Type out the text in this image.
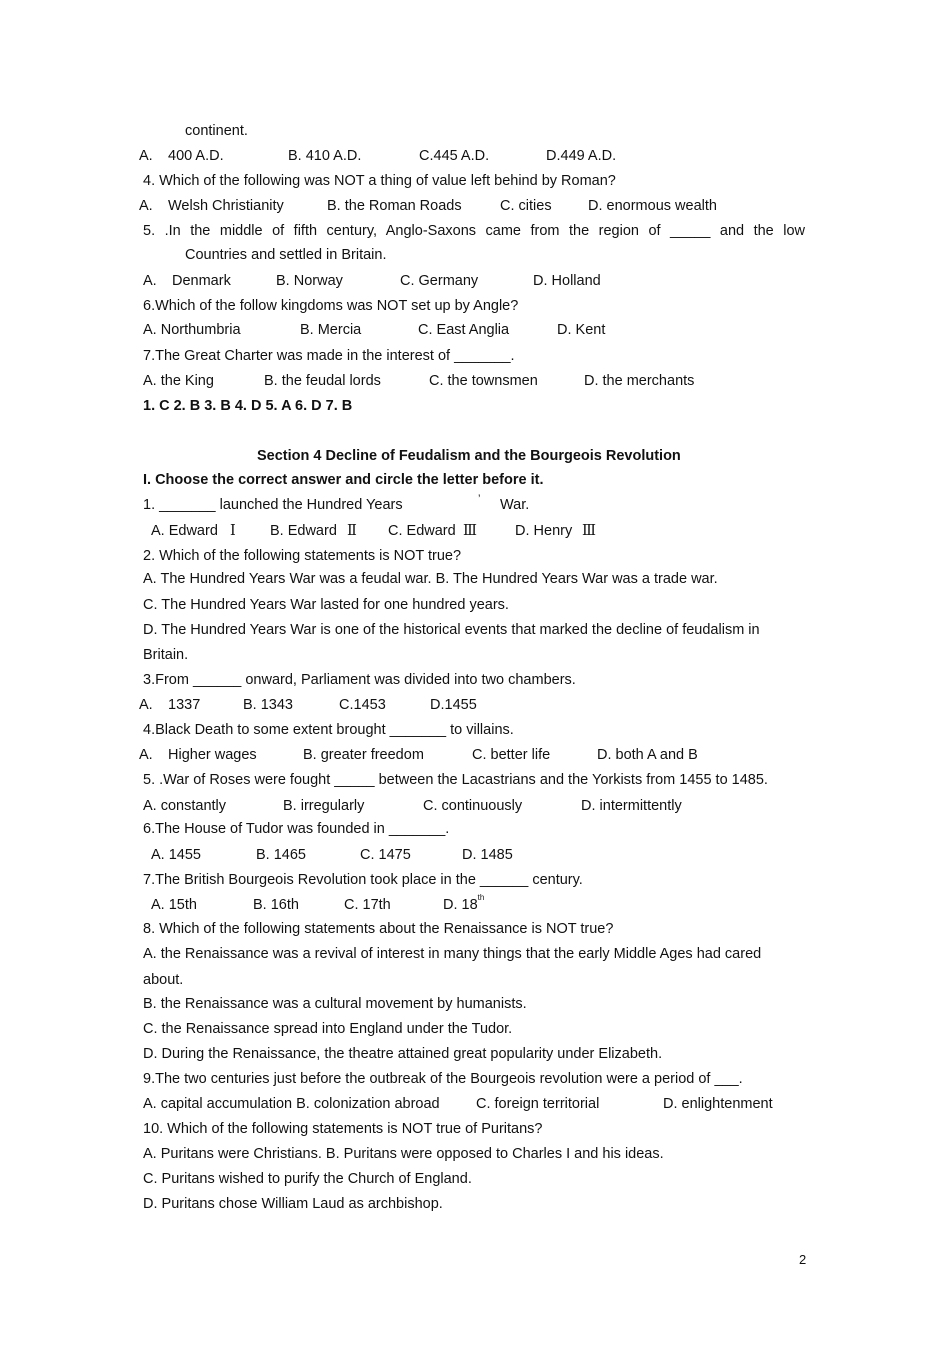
continent.
A. 400 A.D.	B. 410 A.D.	C.445 A.D.	D.449 A.D.
4. Which of the following was NOT a thing of value left behind by Roman?
A. Welsh Christianity	B. the Roman Roads	C. cities	D. enormous wealth
5. .In the middle of fifth century, Anglo-Saxons came from the region of _____ and the low
Countries and settled in Britain.
A. Denmark	B. Norway	C. Germany	D. Holland
6.Which of the follow kingdoms was NOT set up by Angle?
A. Northumbria	B. Mercia	C. East Anglia	D. Kent
7.The Great Charter was made in the interest of _______.
A. the King	B. the feudal lords	C. the townsmen	D. the merchants
1. C 2. B 3. B 4. D 5. A 6. D 7. B
Section 4 Decline of Feudalism and the Bourgeois Revolution
I. Choose the correct answer and circle the letter before it.
1. _______ launched the Hundred Years	’ War.
A. Edward Ⅰ B. Edward Ⅱ C. Edward Ⅲ	D. Henry Ⅲ
2. Which of the following statements is NOT true?
A. The Hundred Years War was a feudal war. B. The Hundred Years War was a trade war.
C. The Hundred Years War lasted for one hundred years.
D. The Hundred Years War is one of the historical events that marked the decline of feudalism in
Britain.
3.From ______ onward, Parliament was divided into two chambers.
A. 1337	B. 1343	C.1453	D.1455
4.Black Death to some extent brought _______ to villains.
A. Higher wages	B. greater freedom	C. better life	D. both A and B
5. .War of Roses were fought _____ between the Lacastrians and the Yorkists from 1455 to 1485.
A. constantly	B. irregularly	C. continuously	D. intermittently
6.The House of Tudor was founded in _______.
A. 1455	B. 1465	C. 1475	D. 1485
7.The British Bourgeois Revolution took place in the ______ century.
A. 15th	B. 16th	C. 17th	D. 18th
8. Which of the following statements about the Renaissance is NOT true?
A. the Renaissance was a revival of interest in many things that the early Middle Ages had cared
about.
B. the Renaissance was a cultural movement by humanists.
C. the Renaissance spread into England under the Tudor.
D. During the Renaissance, the theatre attained great popularity under Elizabeth.
9.The two centuries just before the outbreak of the Bourgeois revolution were a period of ___.
A. capital accumulation B. colonization abroad	C. foreign territorial	D. enlightenment
10. Which of the following statements is NOT true of Puritans?
A. Puritans were Christians. B. Puritans were opposed to Charles I and his ideas.
C. Puritans wished to purify the Church of England.
D. Puritans chose William Laud as archbishop.
2
